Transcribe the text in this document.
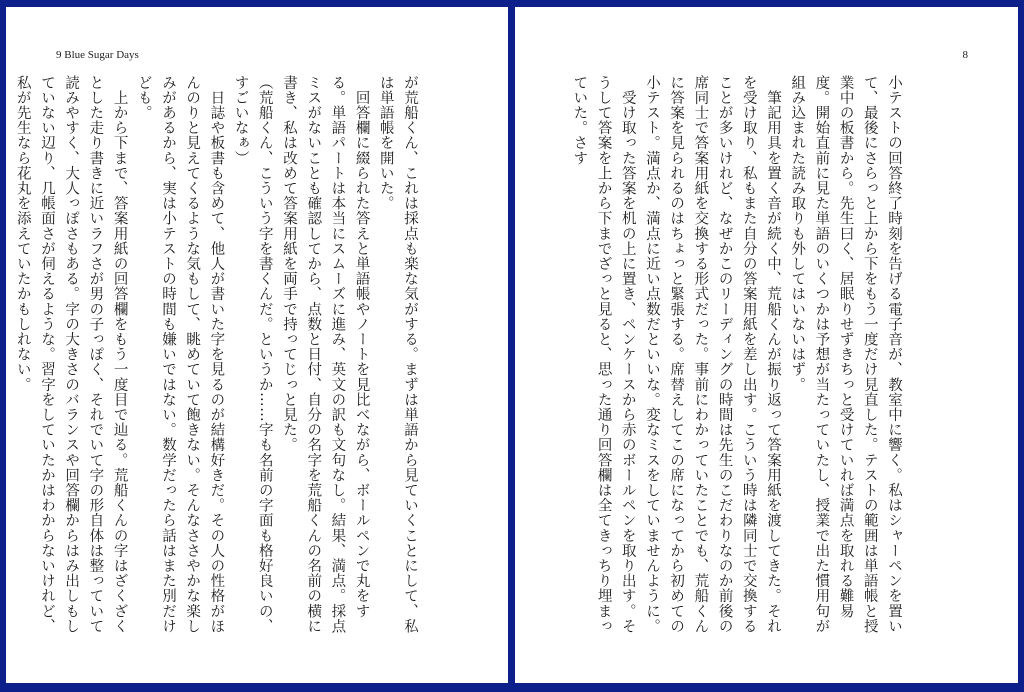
9 Blue Sugar Days

が荒船くん、これは採点も楽な気がする。まずは単語から見ていくことにして、私は単語帳を開いた。

　回答欄に綴られた答えと単語帳やノートを見比べながら、ボールペンで丸をする。単語パートは本当にスムーズに進み、英文の訳も文句なし。結果、満点。採点ミスがないことも確認してから、点数と日付、自分の名字を荒船くんの名前の横に書き、私は改めて答案用紙を両手で持ってじっと見た。

（荒船くん、こういう字を書くんだ。というか……字も名前の字面も格好良いの、すごいなぁ）

　日誌や板書も含めて、他人が書いた字を見るのが結構好きだ。その人の性格がほんのりと見えてくるような気もして、眺めていて飽きない。そんなささやかな楽しみがあるから、実は小テストの時間も嫌いではない。数学だったら話はまた別だけども。

　上から下まで、答案用紙の回答欄をもう一度目で辿る。荒船くんの字はざくざくとした走り書きに近いラフさが男の子っぽく、それでいて字の形自体は整っていて読みやすく、大人っぽさもある。字の大きさのバランスや回答欄からはみ出しもしていない辺り、几帳面さが伺えるような。習字をしていたかはわからないけれど、私が先生なら花丸を添えていたかもしれない。

8

小テストの回答終了時刻を告げる電子音が、教室中に響く。私はシャーペンを置いて、最後にさらっと上から下をもう一度だけ見直した。テストの範囲は単語帳と授業中の板書から。先生曰く、居眠りせずきちっと受けていれば満点を取れる難易度。開始直前に見た単語のいくつかは予想が当たっていたし、授業で出た慣用句が組み込まれた読み取りも外してはいないはず。

　筆記用具を置く音が続く中、荒船くんが振り返って答案用紙を渡してきた。それを受け取り、私もまた自分の答案用紙を差し出す。こういう時は隣同士で交換することが多いけれど、なぜかこのリーディングの時間は先生のこだわりなのか前後の席同士で答案用紙を交換する形式だった。事前にわかっていたことでも、荒船くんに答案を見られるのはちょっと緊張する。席替えしてこの席になってから初めての小テスト。満点か、満点に近い点数だといいな。変なミスをしていませんように。

　受け取った答案を机の上に置き、ペンケースから赤のボールペンを取り出す。そうして答案を上から下までざっと見ると、思った通り回答欄は全てきっちり埋まっていた。さす
